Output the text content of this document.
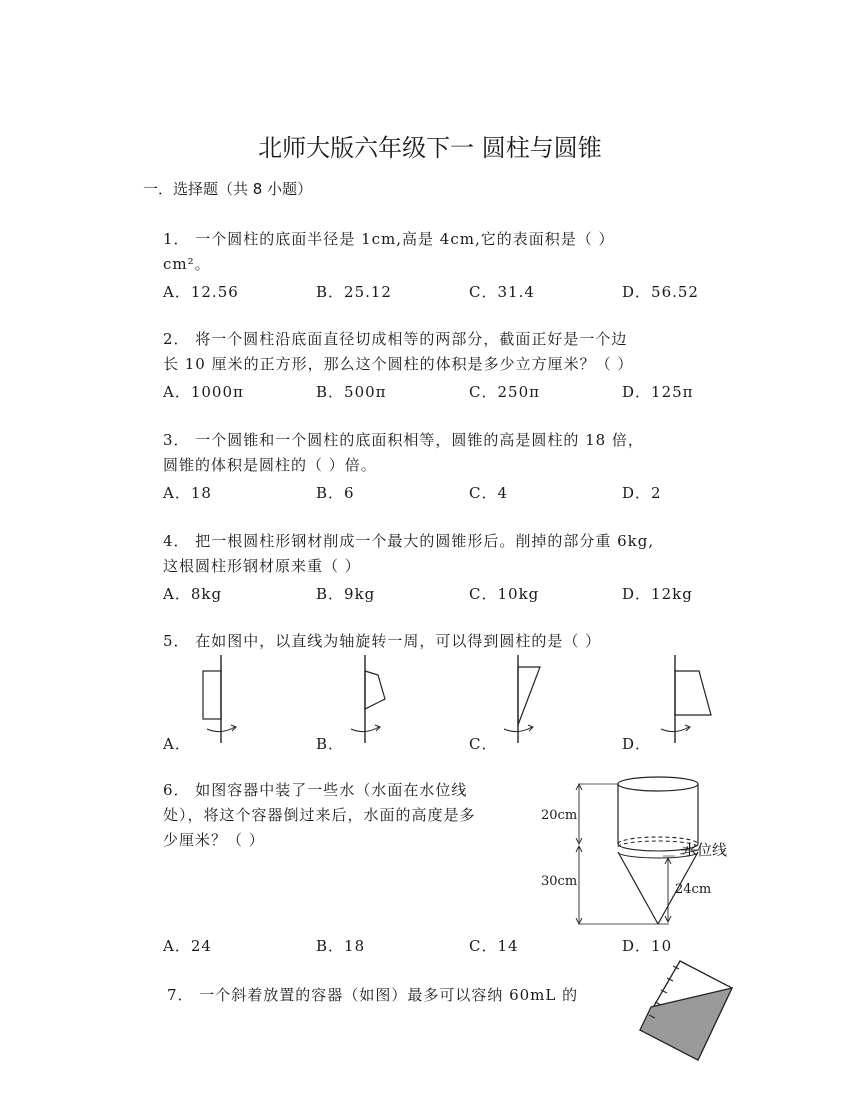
北师大版六年级下一 圆柱与圆锥
一．选择题（共 8 小题）
1． 一个圆柱的底面半径是 1cm,高是 4cm,它的表面积是（ ）
cm²。
A．12.56	B．25.12	C．31.4	D．56.52
2． 将一个圆柱沿底面直径切成相等的两部分，截面正好是一个边
长 10 厘米的正方形，那么这个圆柱的体积是多少立方厘米？（ ）
A．1000π	B．500π	C．250π	D．125π
3． 一个圆锥和一个圆柱的底面积相等，圆锥的高是圆柱的 18 倍，
圆锥的体积是圆柱的（ ）倍。
A．18	B．6	C．4	D．2
4． 把一根圆柱形钢材削成一个最大的圆锥形后。削掉的部分重 6kg,
这根圆柱形钢材原来重（ ）
A．8kg	B．9kg	C．10kg	D．12kg
5． 在如图中，以直线为轴旋转一周，可以得到圆柱的是（ ）
A．	B．	C．	D．
6． 如图容器中装了一些水（水面在水位线
处），将这个容器倒过来后，水面的高度是多
少厘米？（ ）
20cm
30cm
24cm
水位线
A．24	B．18	C．14	D．10
7． 一个斜着放置的容器（如图）最多可以容纳 60mL 的
